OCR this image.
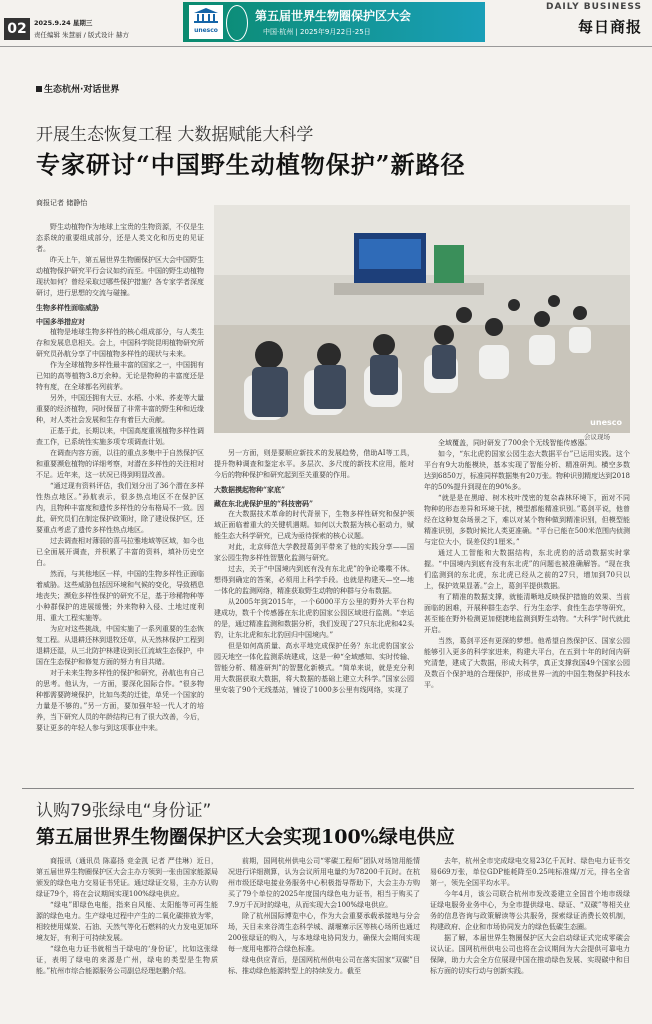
02	2025.9.24 星期三
责任编辑 朱慧丽 / 版式设计 赫方
unesco
第五届世界生物圈保护区大会
中国·杭州 | 2025年9月22日-25日
DAILY BUSINESS
每日商报
生态杭州·对话世界
开展生态恢复工程 大数据赋能大科学
专家研讨“中国野生动植物保护”新路径
商报记者 储静怡

野生动植物作为地球上宝贵的生物资源，不仅是生态系统的重要组成部分，还是人类文化和历史的见证者。

昨天上午，第五届世界生物圈保护区大会中国野生动植物保护研究平行会议如约而至。中国的野生动植物现状如何？曾经采取过哪些保护措施？各专家学者深度研讨，进行思想的交流与碰撞。

生物多样性面临威胁

中国多举措应对

植物是地球生物多样性的核心组成部分，与人类生存和发展息息相关。会上，中国科学院昆明植物研究所研究员孙航分享了中国植物多样性的现状与未来。

作为全球植物多样性最丰富的国家之一，中国拥有已知的高等植物3.8万余种。无论是物种的丰富度还是特有度，在全球都名列前茅。

另外，中国还拥有大豆、水稻、小米、荞麦等大量重要的经济植物，同时保留了非常丰富的野生种和近缘种，对人类社会发展和生存有着巨大贡献。

正基于此，长期以来，中国高度重视植物多样性调查工作，已系统性实施多项专项调查计划。

在调查内容方面，以往的重点多集中于自然保护区和重要濒危植物的详细考察，对潜在多样性的关注相对不足。近年来，这一状况已得到明显改善。

“通过现有资料评估，我们划分出了36个潜在多样性热点地区。”孙航表示，很多热点地区不在保护区内，且物种丰富度和遗传多样性的分布格局不一致。因此，研究员们在制定保护政策时，除了建设保护区，还要重点考虑了遗传多样性热点地区。

过去调查相对薄弱的喜马拉雅地域等区域，如今也已全面展开调查，并积累了丰富的资料，填补历史空白。

然而，与其他地区一样，中国的生物多样性正面临着威胁。这些威胁包括因环境和气候的变化，导致栖息地丧失；濒危多样性保护的研究不足，基于珍稀物种等小种群保护的进展缓慢；外来物种入侵、土地过度利用、重大工程实施等。

为应对这些挑战，中国实施了一系列重要的生态恢复工程。从退耕还林到退牧还草，从天然林保护工程到退耕还湿，从三北防护林建设到长江流域生态保护，中国在生态保护和修复方面的努力有目共睹。

对于未来生物多样性的保护和研究，孙航也有自己的思考。他认为，一方面，要深化国际合作。“很多物种都需要跨境保护，比如鸟类的迁徙，单凭一个国家的力量是不够的。”另一方面，要加强年轻一代人才的培养，当下研究人员的年龄结构已有了很大改善，今后，要让更多的年轻人参与到这项事业中来。

unesco
会议现场

另一方面，则是要顺应新技术的发展趋势，借助AI等工具，提升物种调查和鉴定水平。多层次、多尺度的新技术应用，能对今后的物种保护和研究起到至关重要的作用。

大数据摸起物种“家底”

藏在东北虎保护里的“科技密码”

在大数据技术革命的时代背景下，生物多样性研究和保护领域正面临着重大的关键机遇期。如何以大数据为核心驱动力，赋能生态大科学研究，已成为亟待探索的核心议题。

对此，北京师范大学教授葛剑平带来了他的实践分享——国家公园生物多样性智慧化监测与研究。

过去，关于“中国境内到底有没有东北虎”的争论喋喋不休。想得到确定的答案，必须用上科学手段。也就是构建天—空—地一体化的监测网络，精准获取野生动物的种群与分布数据。

从2005年到2015年，一个6000平方公里的野外大平台构建成功，数千个传感器在东北虎豹国家公园区域进行监测。“幸运的是，通过精准监测和数据分析，我们发现了27只东北虎和42头豹，让东北虎和东北豹回归中国境内。”

但是如何高质量、高水平地完成保护任务？东北虎豹国家公园天地空一体化监测系统建成，这是一种“全域感知、实时传输、智能分析、精准研判”的智慧化新模式。“简单来说，就是充分利用大数据获取大数据，将大数据的基础上建立大科学。”国家公园里安装了90个无线基站，铺设了1000多公里有线网络，实现了

全域覆盖，同时研发了700余个无线智能传感器。

如今，“东北虎豹国家公园生态大数据平台”已运用实践。这个平台有9大功能模块，基本实现了智能分析、精准研判。横空多数达到6850万，标准同样数据集有20万张。物种识别精度达到2018年的50%提升到现在的90%多。

“就是是在黑暗、树木枝叶茂密的复杂森林环境下，面对不同物种的形态差异和环境干扰，模型都能精准识别。”葛剑平说，他曾经在这种复杂场景之下，难以对某个物种做到精准识别，但模型能精准识别，多数时候比人类更准确。“平台已能在500米范围内侦测与定位大小，误差仅约1厘米。”

通过人工智能和大数据结构，东北虎豹的活动数据实时掌握。“中国境内到底有没有东北虎”的问题也被准确解答。“现在我们监测到的东北虎，东北虎已经从之前的27只，增加到70只以上，保护效果显著。”会上，葛剑平提供数据。

有了精准的数据支撑，就能清晰地反映保护措施的效果、当前面临的困难，开展种群生态学、行为生态学、食性生态学等研究，甚至能在野外检测更加便捷地监测到野生动物。“大科学”时代就此开启。

当然，葛剑平还有更深的梦想。他希望自然保护区、国家公园能够引入更多的科学家进来，构建大平台，在五到十年的时间内研究清楚，建成了大数据，形成大科学，真正支撑我国49个国家公园及数百个保护地的合理保护，形成世界一流的中国生物保护科技水平。

认购79张绿电“身份证”
第五届世界生物圈保护区大会实现100%绿电供应

商报讯（通讯员 陈嘉扬 竞金凯 记者 严佳琳）近日，第五届世界生物圈保护区大会主办方领到一张由国家能源局颁发的绿色电力交易证书凭证。通过绿证交易，主办方认购绿证79个，将在会议期间实现100%绿电供应。

“绿电”即绿色电能，指来自风能、太阳能等可再生能源的绿色电力。生产绿电过程中产生的二氧化碳排放为零，相较使用煤炭、石油、天然气等化石燃料的火力发电更加环境友好，有利于可持续发展。

“绿色电力证书就相当于绿电的‘身份证’，比如这张绿证，表明了绿电的来源是广州，绿电的类型是生物质能。”杭州市综合能源服务公司副总经理赵鹏介绍。

前期，国网杭州供电公司“零碳工程师”团队对场馆用能情况进行详细测算，认为会议所用电量约为78200千瓦时。在杭州市级还绿电接业务服务中心积极指导帮助下，大会主办方购买了79个单位的2025年度国内绿色电力证书，相当于购买了7.9万千瓦时的绿电，从而实现大会100%绿电供应。

除了杭州国际博览中心，作为大会重要承载承接地与分会场，天目未来谷湾生态科学城、湖堰寨示区等核心场所也通过200张绿证的购入，与本地绿电协同发力，确保大会期间实现每一度用电都符合绿色标准。

绿电供应背后，是国网杭州供电公司在落实国家“双碳”目标、推动绿色能源转型上的持续发力。截至

去年，杭州全市完成绿电交易23亿千瓦时、绿色电力证书交易669万张，单位GDP能耗降至0.25吨标准煤/万元，排名全省第一，领先全国平均水平。

今年4月，该公司联合杭州市发改委建立全国首个地市级绿证绿电服务业务中心，为全市提供绿电、绿证、“双碳”等相关业务的信息咨询与政策解读等公共服务，探索绿证消费长效机制，构建政府、企业和市场协同发力的绿色低碳生态圈。

据了解，本届世界生物圈保护区大会启动绿证式完成零碳会议认证。国网杭州供电公司也将在会议期间为大会提供可靠电力保障，助力大会全方位展现中国在推动绿色发展、实现碳中和目标方面的切实行动与创新实践。
